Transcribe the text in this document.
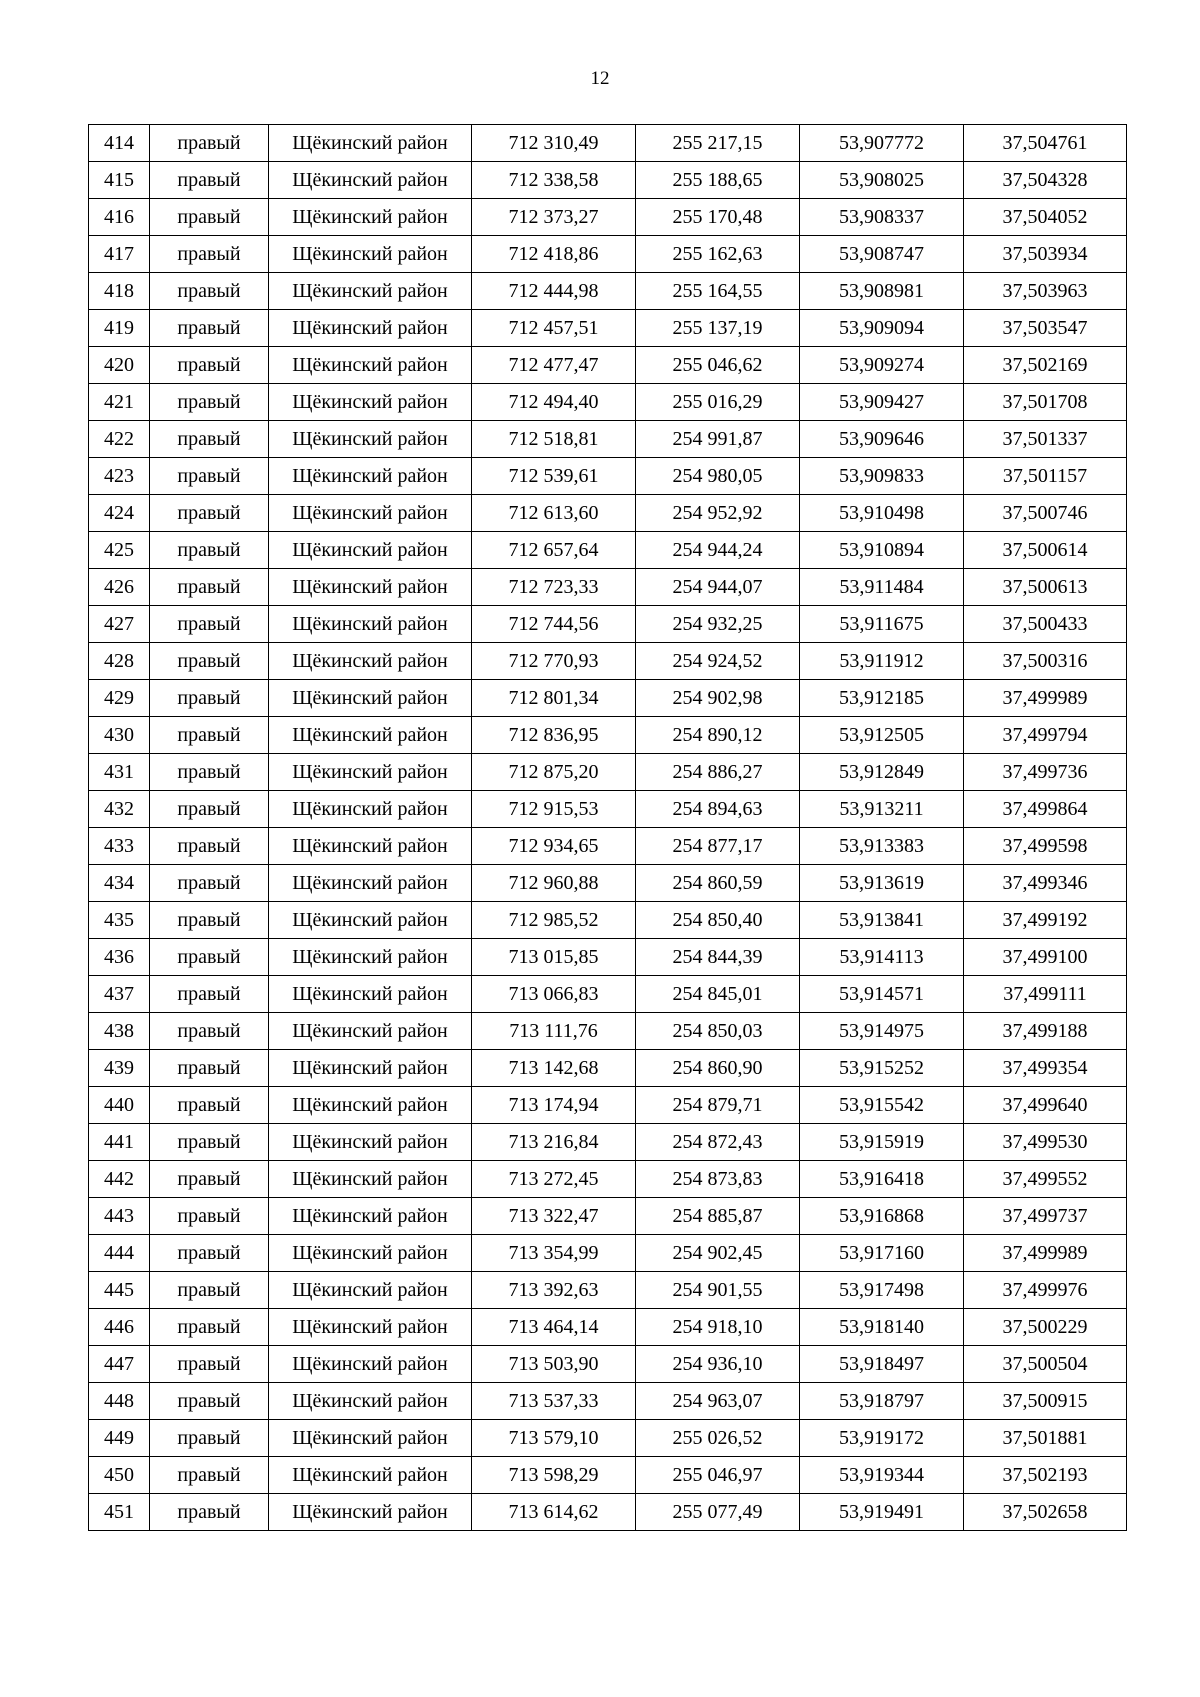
12
414	правый	Щёкинский район	712 310,49	255 217,15	53,907772	37,504761
415	правый	Щёкинский район	712 338,58	255 188,65	53,908025	37,504328
416	правый	Щёкинский район	712 373,27	255 170,48	53,908337	37,504052
417	правый	Щёкинский район	712 418,86	255 162,63	53,908747	37,503934
418	правый	Щёкинский район	712 444,98	255 164,55	53,908981	37,503963
419	правый	Щёкинский район	712 457,51	255 137,19	53,909094	37,503547
420	правый	Щёкинский район	712 477,47	255 046,62	53,909274	37,502169
421	правый	Щёкинский район	712 494,40	255 016,29	53,909427	37,501708
422	правый	Щёкинский район	712 518,81	254 991,87	53,909646	37,501337
423	правый	Щёкинский район	712 539,61	254 980,05	53,909833	37,501157
424	правый	Щёкинский район	712 613,60	254 952,92	53,910498	37,500746
425	правый	Щёкинский район	712 657,64	254 944,24	53,910894	37,500614
426	правый	Щёкинский район	712 723,33	254 944,07	53,911484	37,500613
427	правый	Щёкинский район	712 744,56	254 932,25	53,911675	37,500433
428	правый	Щёкинский район	712 770,93	254 924,52	53,911912	37,500316
429	правый	Щёкинский район	712 801,34	254 902,98	53,912185	37,499989
430	правый	Щёкинский район	712 836,95	254 890,12	53,912505	37,499794
431	правый	Щёкинский район	712 875,20	254 886,27	53,912849	37,499736
432	правый	Щёкинский район	712 915,53	254 894,63	53,913211	37,499864
433	правый	Щёкинский район	712 934,65	254 877,17	53,913383	37,499598
434	правый	Щёкинский район	712 960,88	254 860,59	53,913619	37,499346
435	правый	Щёкинский район	712 985,52	254 850,40	53,913841	37,499192
436	правый	Щёкинский район	713 015,85	254 844,39	53,914113	37,499100
437	правый	Щёкинский район	713 066,83	254 845,01	53,914571	37,499111
438	правый	Щёкинский район	713 111,76	254 850,03	53,914975	37,499188
439	правый	Щёкинский район	713 142,68	254 860,90	53,915252	37,499354
440	правый	Щёкинский район	713 174,94	254 879,71	53,915542	37,499640
441	правый	Щёкинский район	713 216,84	254 872,43	53,915919	37,499530
442	правый	Щёкинский район	713 272,45	254 873,83	53,916418	37,499552
443	правый	Щёкинский район	713 322,47	254 885,87	53,916868	37,499737
444	правый	Щёкинский район	713 354,99	254 902,45	53,917160	37,499989
445	правый	Щёкинский район	713 392,63	254 901,55	53,917498	37,499976
446	правый	Щёкинский район	713 464,14	254 918,10	53,918140	37,500229
447	правый	Щёкинский район	713 503,90	254 936,10	53,918497	37,500504
448	правый	Щёкинский район	713 537,33	254 963,07	53,918797	37,500915
449	правый	Щёкинский район	713 579,10	255 026,52	53,919172	37,501881
450	правый	Щёкинский район	713 598,29	255 046,97	53,919344	37,502193
451	правый	Щёкинский район	713 614,62	255 077,49	53,919491	37,502658
